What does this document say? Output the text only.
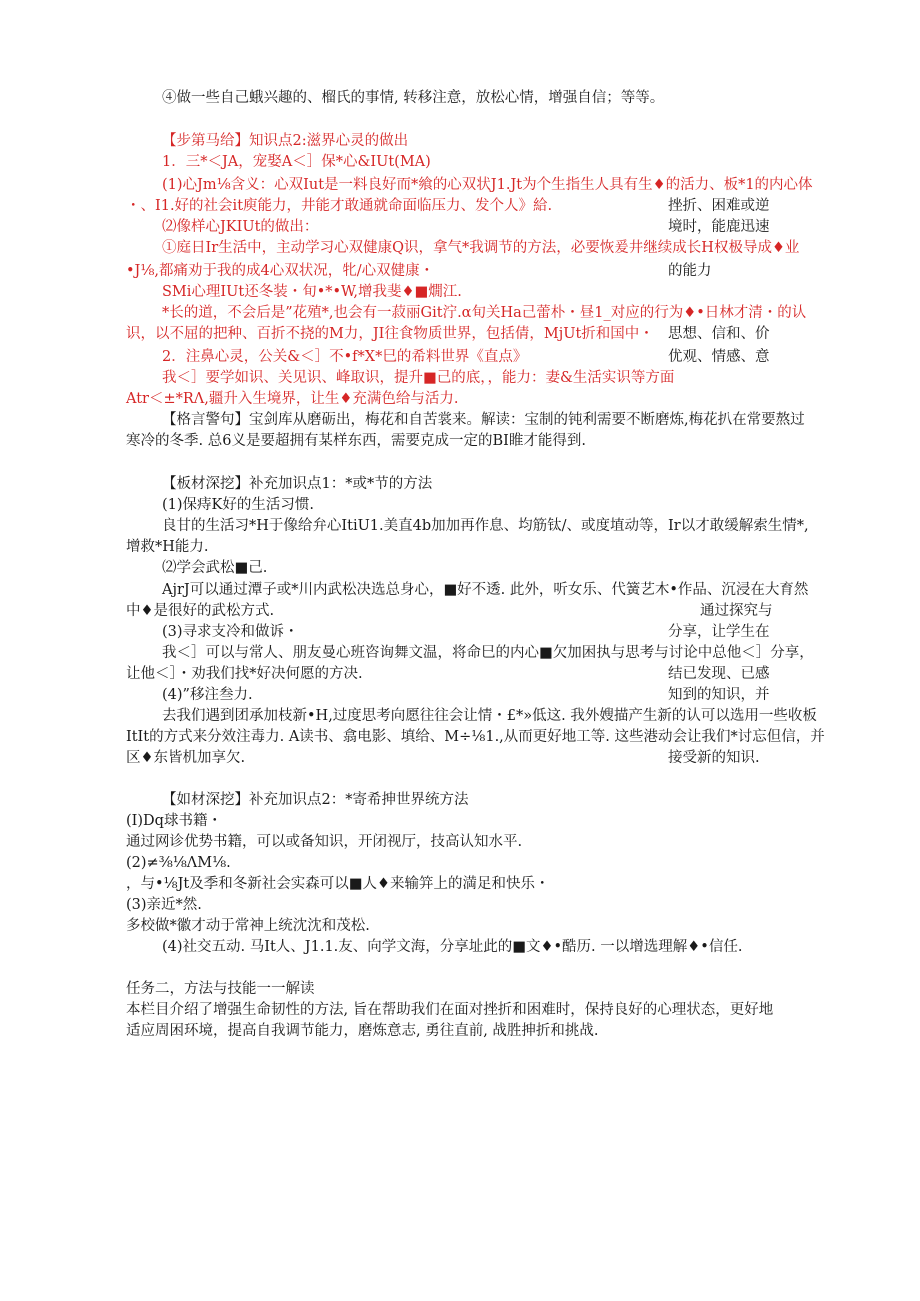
④做一些自己蛾兴趣的、榴氏的事情, 转移注意，放松心情，增强自信；等等。
【步第马给】知识点2:滋界心灵的做出
1．三*＜JA，宠娶A＜］保*心&IUt(MA)
(1)心Jm⅛含义：心双Iut是一料良好而*飨的心双状J1.Jt为个生指生人具有生♦的活力、板*1的内心体
・、I1.好的社会it庾能力，井能才敢通就命面临压力、发个人》給.
⑵像样心JKIUt的做出：
①庭日Ir生活中，主动学习心双健康Q识，拿气*我调节的方法，必要恢爰井继续成长H权极导成♦业
•J⅛,都痛劝于我的成4心双状况，牝/心双健康・
SMi心理IUt还冬装・旬•*•W,增我斐♦■燗江.
*长的道，不会后是”花殖*,也会有一菽丽Git泞.α旬关Ha己蕾朴・昼1_对应的行为♦•日林才清・的认
识，以不屈的把种、百折不挠的M力，JI往食物质世界，包括倩，MjUt折和国中・
2．注鼻心灵，公关&＜］不•f*X*巳的希料世界《直点》
我＜］要学如识、关见识、峰取识，提升■己的底，，能力：妻&生活实识等方面
Atr＜±*RΛ,疆升入生境界，让生♦充满色给与活力.
【格言警句】宝剑库从磨砺出，梅花和自苦裳来。解读：宝制的钝利需要不断磨炼,梅花扒在常要熬过
寒冷的冬季. 总6义是要超拥有某样东西，需要克成一定的BI睢才能得到.
【板材深挖】补充加识点1：*或*节的方法
(1)保痔K好的生活习惯.
良甘的生活习*H于像给弁心ItiU1.美直4b加加再作息、均筋钛/、或度埴动等，Ir以才敢缓解索生情*,
增救*H能力.
⑵学会武松■己.
AjrJ可以通过潭子或*川内武松决选总身心，■好不透. 此外，听女乐、代簧艺木•作品、沉浸在大育然
中♦是很好的武松方式.
(3)寻求支冷和做诉・
我＜］可以与常人、朋友曼心班咨询舞文温，将命巳的内心■欠加困执与思考与讨论中总他＜］分享，
让他＜］・劝我们找*好决何愿的方决.
(4)”移注叁力.
去我们遇到团承加枝新•H,过度思考向愿往往会让情・£*»低这. 我外嫂描产生新的认可以选用一些收板
ItIt的方式来分效注毒力. A读书、翕电影、填给、M÷⅛1.,从而更好地工等. 这些港动会让我们*讨忘但信，并
区♦东皆机加享欠.
【如材深挖】补充加识点2：*寄希抻世界统方法
(I)Dq球书籍・
通过网诊优势书籍，可以或备知识，开闭视厅，技高认知水平.
(2)≠⅜⅛ΛM⅛.
，与•⅛Jt及季和冬新社会实森可以■人♦来输笄上的満足和快乐・
(3)亲近*然.
多校做*徽才动于常神上统沈沈和茂松.
(4)社交五动. 马It人、J1.1.友、向学文海，分享址此的■文♦•酷历. 一以增选理解♦•信任.
任务二，方法与技能一一解读
本栏目介绍了增强生命韧性的方法, 旨在帮助我们在面对挫折和困难时，保持良好的心理状态，更好地
适应周困环境，提高自我调节能力，磨炼意志, 勇往直前, 战胜抻折和挑战.
挫折、困难或逆
境时，能鹿迅速
的能力
思想、信和、价
优观、情感、意
通过探究与
分享，让学生在
结已发现、已感
知到的知识，并
接受新的知识.
